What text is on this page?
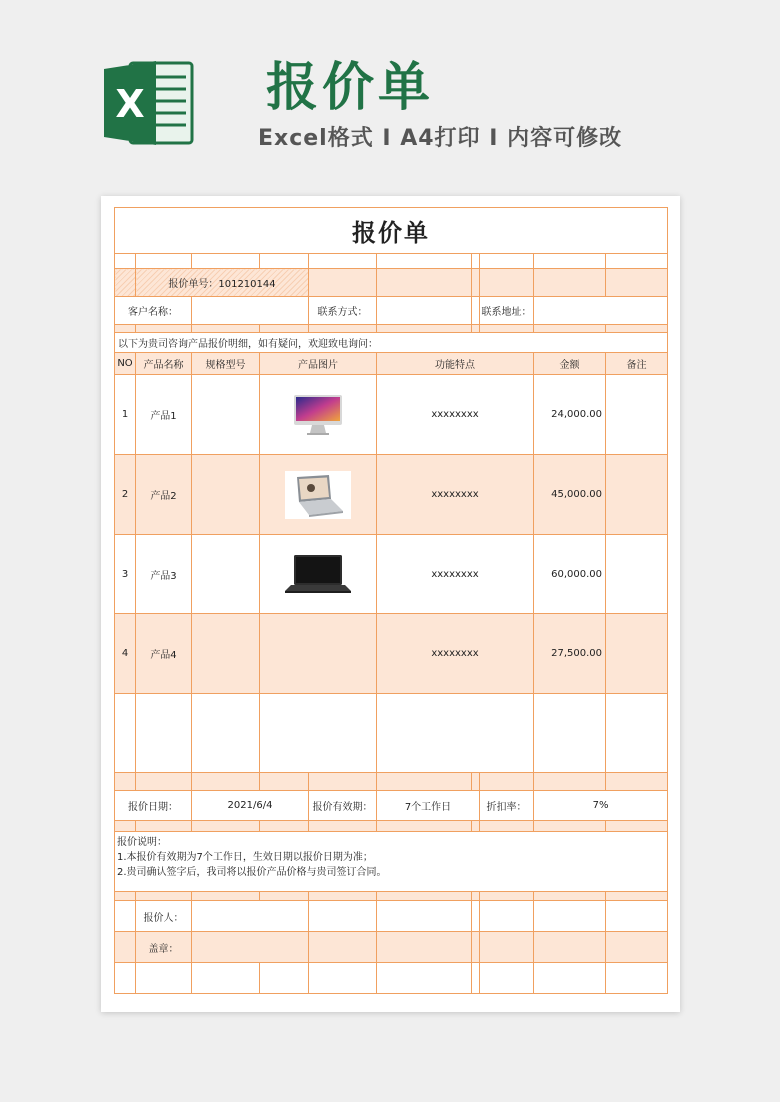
X 报价单
Excel格式 I A4打印 I 内容可修改
报价单									

	报价单号：101210144								
客户名称：				联系方式：			联系地址：		

以下为贵司咨询产品报价明细，如有疑问，欢迎致电询问：									
NO	产品名称	规格型号	产品图片		功能特点			金额	备注
1	产品1				xxxxxxxx			24,000.00	
2	产品2				xxxxxxxx			45,000.00	
3	产品3				xxxxxxxx			60,000.00	
4	产品4				xxxxxxxx			27,500.00	

报价日期：		2021/6/4		报价有效期：	7个工作日		折扣率：	7%	

报价说明：
1.本报价有效期为7个工作日，生效日期以报价日期为准；
2.贵司确认签字后，我司将以报价产品价格与贵司签订合同。									

	报价人：								
	盖章：								
